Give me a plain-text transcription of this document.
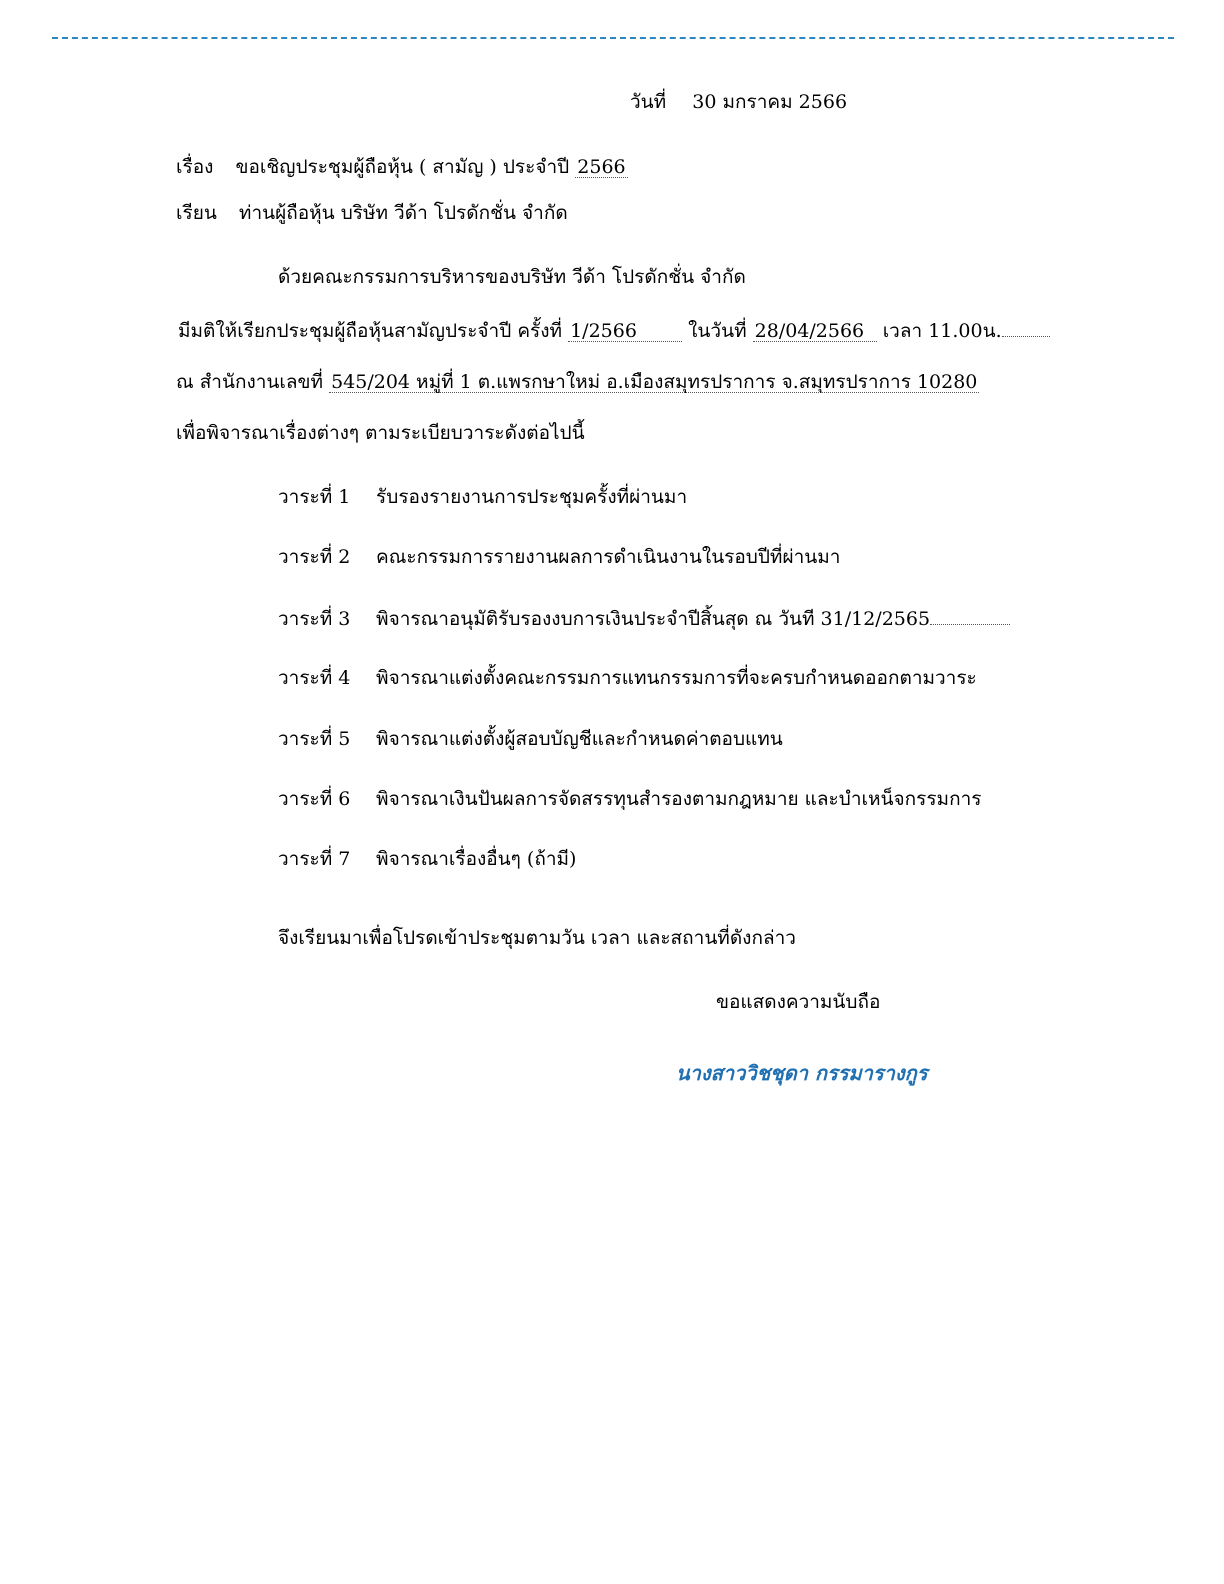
วันที่ 30 มกราคม 2566
เรื่อง ขอเชิญประชุมผู้ถือหุ้น ( สามัญ ) ประจำปี 2566
เรียน ท่านผู้ถือหุ้น บริษัท วีด้า โปรดักชั่น จำกัด
ด้วยคณะกรรมการบริหารของบริษัท วีด้า โปรดักชั่น จำกัด
มีมติให้เรียกประชุมผู้ถือหุ้นสามัญประจำปี ครั้งที่ 1/2566	ในวันที่ 28/04/2566 เวลา 11.00น.
ณ สำนักงานเลขที่ 545/204 หมู่ที่ 1 ต.แพรกษาใหม่ อ.เมืองสมุทรปราการ จ.สมุทรปราการ 10280
เพื่อพิจารณาเรื่องต่างๆ ตามระเบียบวาระดังต่อไปนี้
วาระที่ 1 รับรองรายงานการประชุมครั้งที่ผ่านมา
วาระที่ 2 คณะกรรมการรายงานผลการดำเนินงานในรอบปีที่ผ่านมา
วาระที่ 3 พิจารณาอนุมัติรับรองงบการเงินประจำปีสิ้นสุด ณ วันที 31/12/2565
วาระที่ 4 พิจารณาแต่งตั้งคณะกรรมการแทนกรรมการที่จะครบกำหนดออกตามวาระ
วาระที่ 5 พิจารณาแต่งตั้งผู้สอบบัญชีและกำหนดค่าตอบแทน
วาระที่ 6 พิจารณาเงินปันผลการจัดสรรทุนสำรองตามกฎหมาย และบำเหน็จกรรมการ
วาระที่ 7 พิจารณาเรื่องอื่นๆ (ถ้ามี)
จึงเรียนมาเพื่อโปรดเข้าประชุมตามวัน เวลา และสถานที่ดังกล่าว
ขอแสดงความนับถือ
นางสาววิชชุดา กรรมารางกูร
